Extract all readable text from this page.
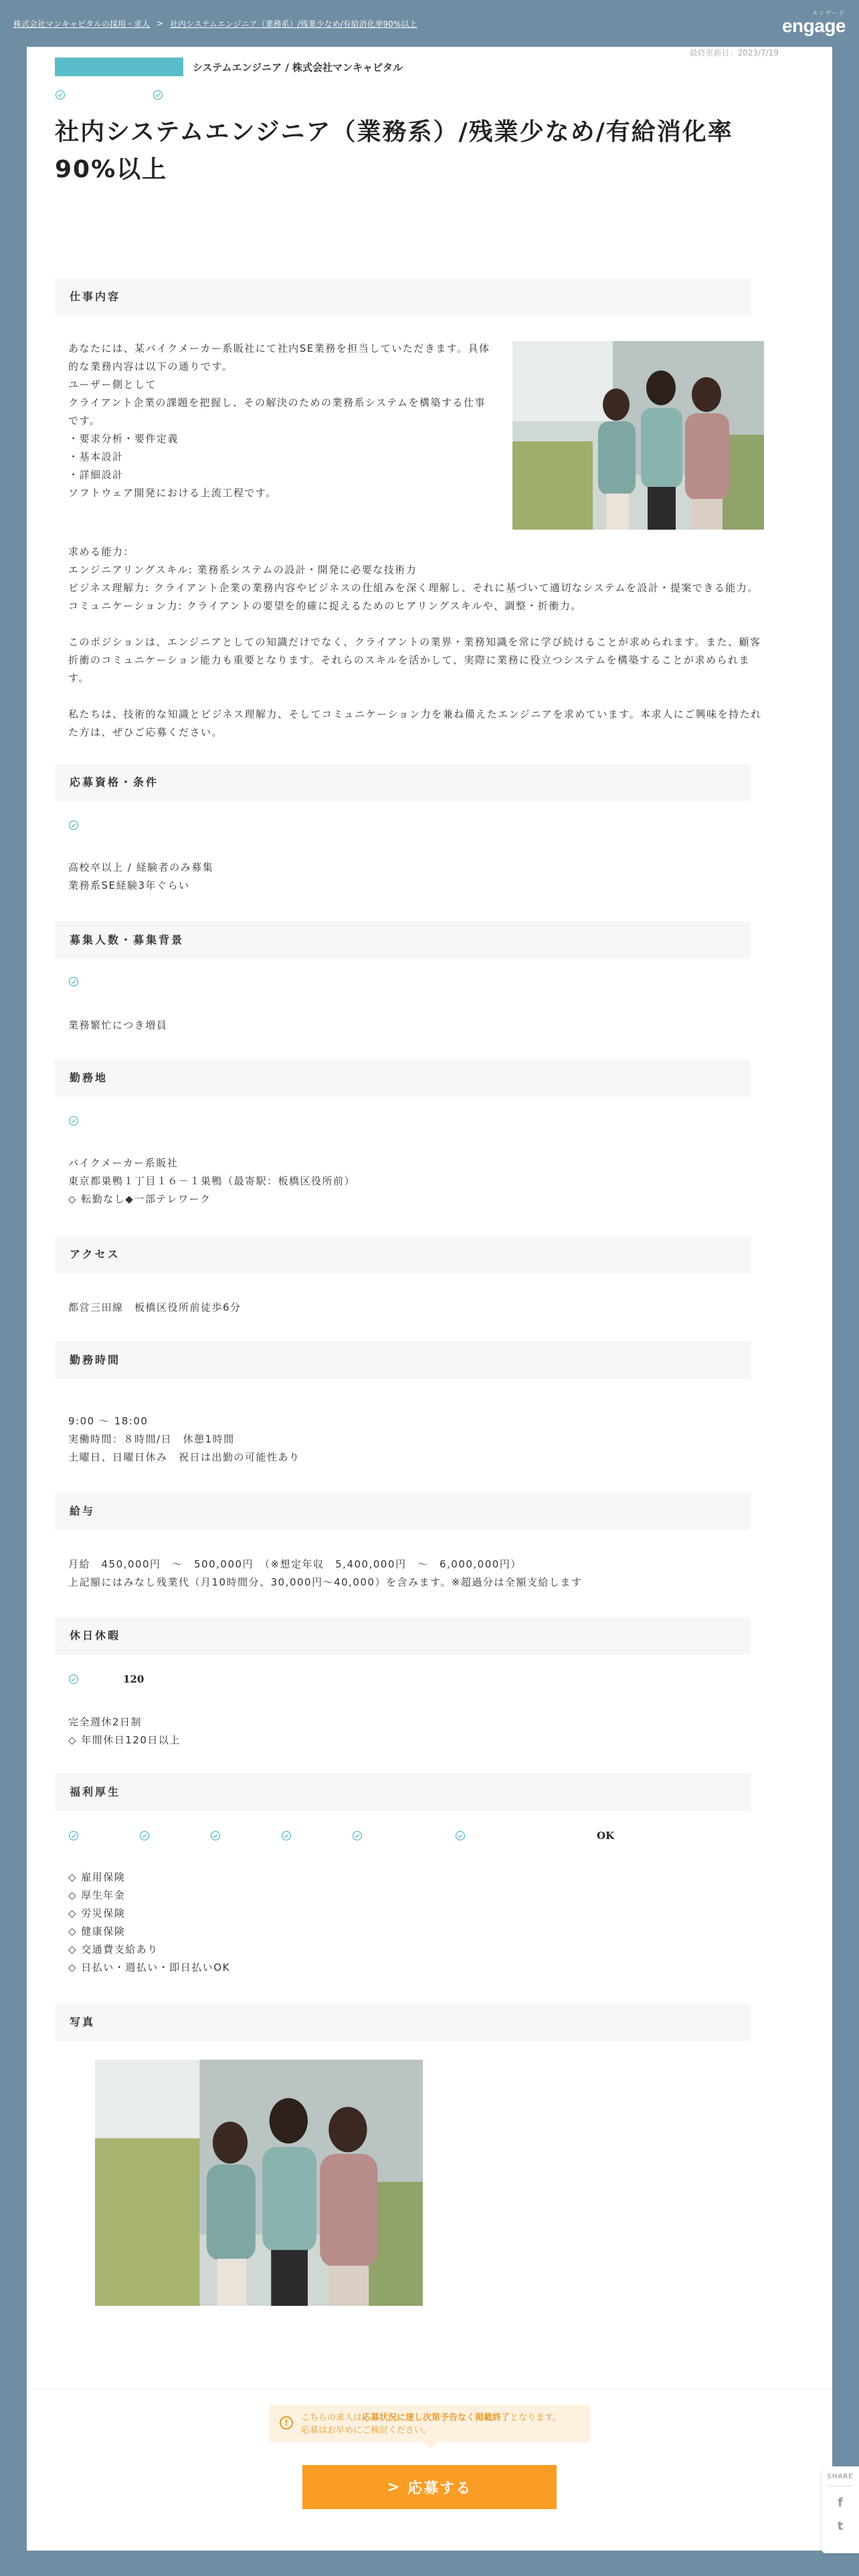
株式会社マンキャピタルの採用・求人 > 社内システムエンジニア（業務系）/残業少なめ/有給消化率90%以上
エンゲージ
engage
最終更新日：2023/7/19
システムエンジニア / 株式会社マンキャピタル
社内システムエンジニア（業務系）/残業少なめ/有給消化率90%以上
仕事内容
あなたには、某バイクメーカー系販社にて社内SE業務を担当していただきます。具体的な業務内容は以下の通りです。
ユーザー側として
クライアント企業の課題を把握し、その解決のための業務系システムを構築する仕事です。
・要求分析・要件定義
・基本設計
・詳細設計
ソフトウェア開発における上流工程です。
求める能力：
エンジニアリングスキル: 業務系システムの設計・開発に必要な技術力
ビジネス理解力: クライアント企業の業務内容やビジネスの仕組みを深く理解し、それに基づいて適切なシステムを設計・提案できる能力。
コミュニケーション力: クライアントの要望を的確に捉えるためのヒアリングスキルや、調整・折衝力。

このポジションは、エンジニアとしての知識だけでなく、クライアントの業界・業務知識を常に学び続けることが求められます。また、顧客折衝のコミュニケーション能力も重要となります。それらのスキルを活かして、実際に業務に役立つシステムを構築することが求められます。

私たちは、技術的な知識とビジネス理解力、そしてコミュニケーション力を兼ね備えたエンジニアを求めています。本求人にご興味を持たれた方は、ぜひご応募ください。
応募資格・条件
高校卒以上 / 経験者のみ募集
業務系SE経験3年ぐらい
募集人数・募集背景
業務繁忙につき増員
勤務地
バイクメーカー系販社
東京都巣鴨１丁目１６－１巣鴨（最寄駅：板橋区役所前）
◇ 転勤なし◆一部テレワーク
アクセス
都営三田線　板橋区役所前徒歩6分
勤務時間
9:00 〜 18:00
実働時間：８時間/日　休憩1時間
土曜日、日曜日休み　祝日は出勤の可能性あり
給与
月給　450,000円　〜　500,000円　（※想定年収　5,400,000円　〜　6,000,000円）
上記額にはみなし残業代（月10時間分、30,000円〜40,000）を含みます。※超過分は全額支給します
休日休暇
120
完全週休2日制
◇ 年間休日120日以上
福利厚生
OK
◇ 雇用保険
◇ 厚生年金
◇ 労災保険
◇ 健康保険
◇ 交通費支給あり
◇ 日払い・週払い・即日払いOK
写真
!	こちらの求人は応募状況に達し次第予告なく掲載終了となります。
応募はお早めにご検討ください。
> 応募する
SHARE
f
t
